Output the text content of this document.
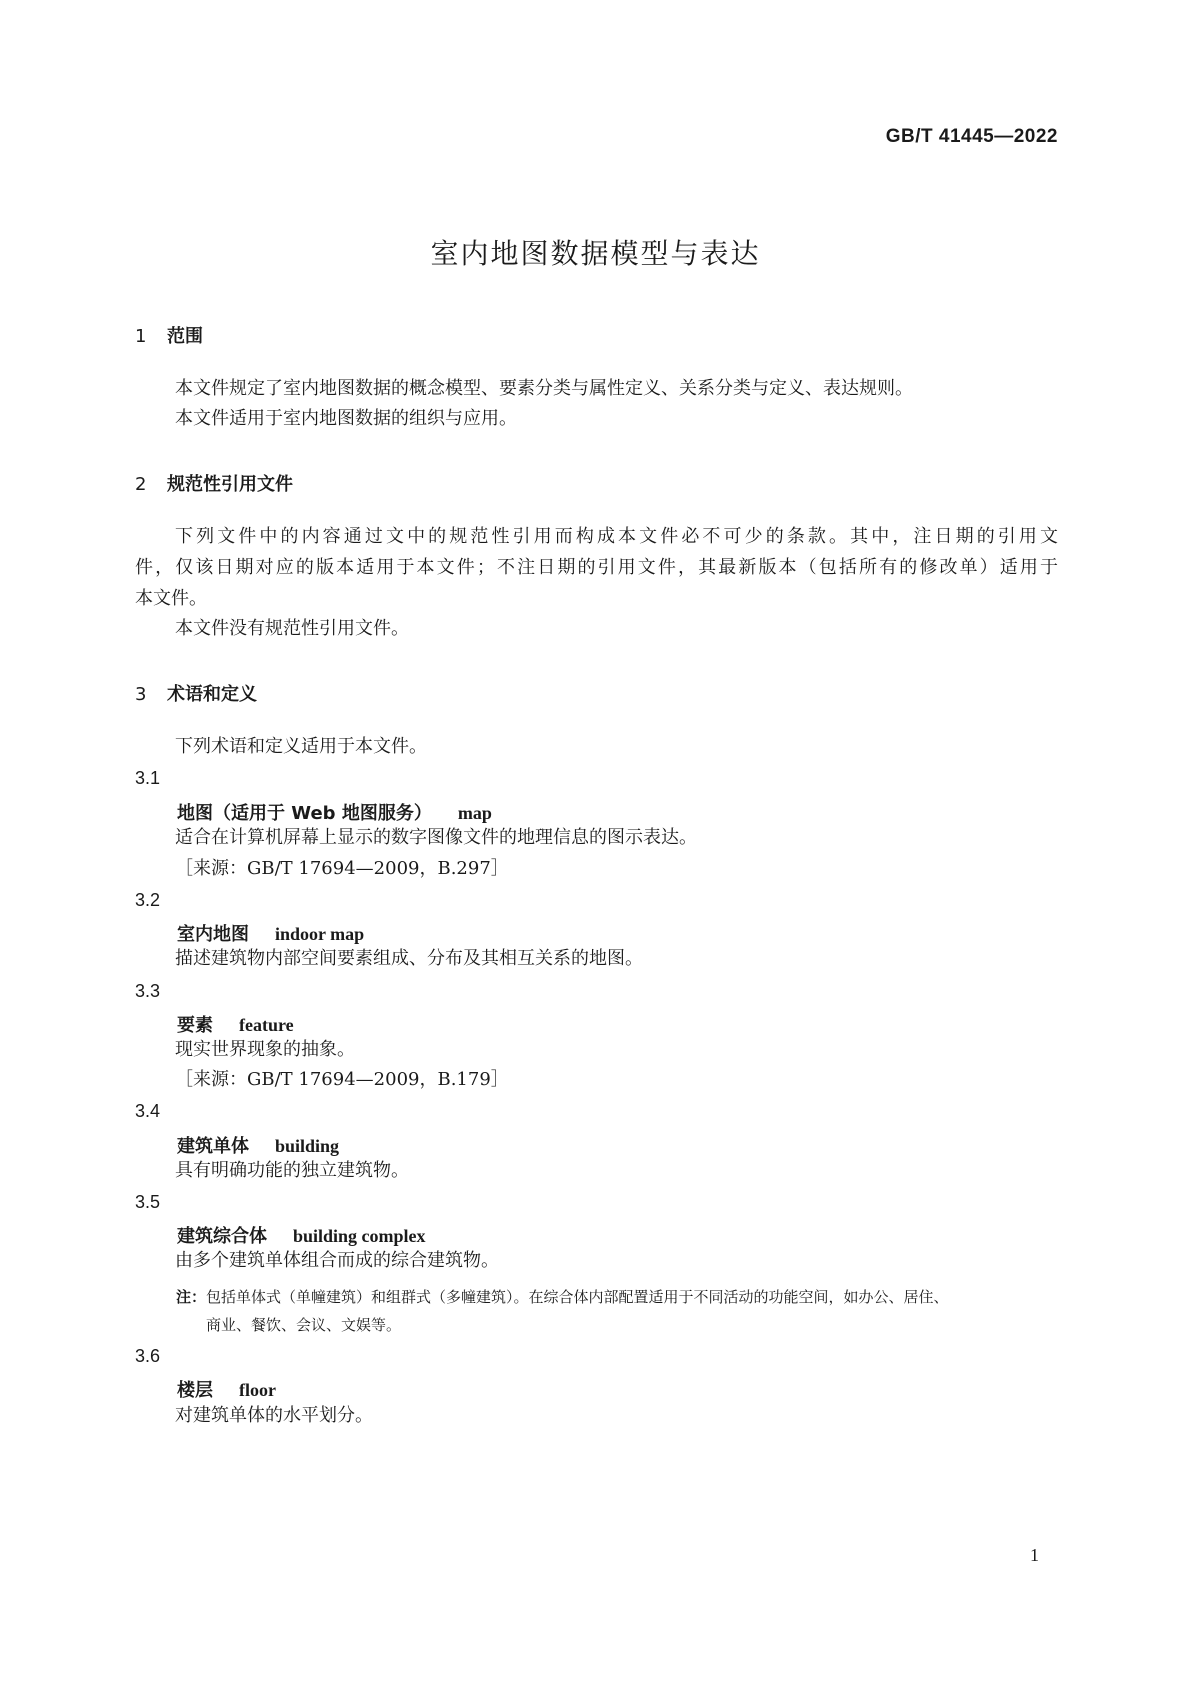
GB/T 41445—2022
室内地图数据模型与表达
1 范围
本文件规定了室内地图数据的概念模型、要素分类与属性定义、关系分类与定义、表达规则。
本文件适用于室内地图数据的组织与应用。
2 规范性引用文件
下列文件中的内容通过文中的规范性引用而构成本文件必不可少的条款。其中，注日期的引用文
件，仅该日期对应的版本适用于本文件；不注日期的引用文件，其最新版本（包括所有的修改单）适用于
本文件。
本文件没有规范性引用文件。
3 术语和定义
下列术语和定义适用于本文件。
3.1
地图（适用于 Web 地图服务） map
适合在计算机屏幕上显示的数字图像文件的地理信息的图示表达。
［来源：GB/T 17694—2009，B.297］
3.2
室内地图 indoor map
描述建筑物内部空间要素组成、分布及其相互关系的地图。
3.3
要素 feature
现实世界现象的抽象。
［来源：GB/T 17694—2009，B.179］
3.4
建筑单体 building
具有明确功能的独立建筑物。
3.5
建筑综合体 building complex
由多个建筑单体组合而成的综合建筑物。
注：包括单体式（单幢建筑）和组群式（多幢建筑）。在综合体内部配置适用于不同活动的功能空间，如办公、居住、
商业、餐饮、会议、文娱等。
3.6
楼层 floor
对建筑单体的水平划分。
1
